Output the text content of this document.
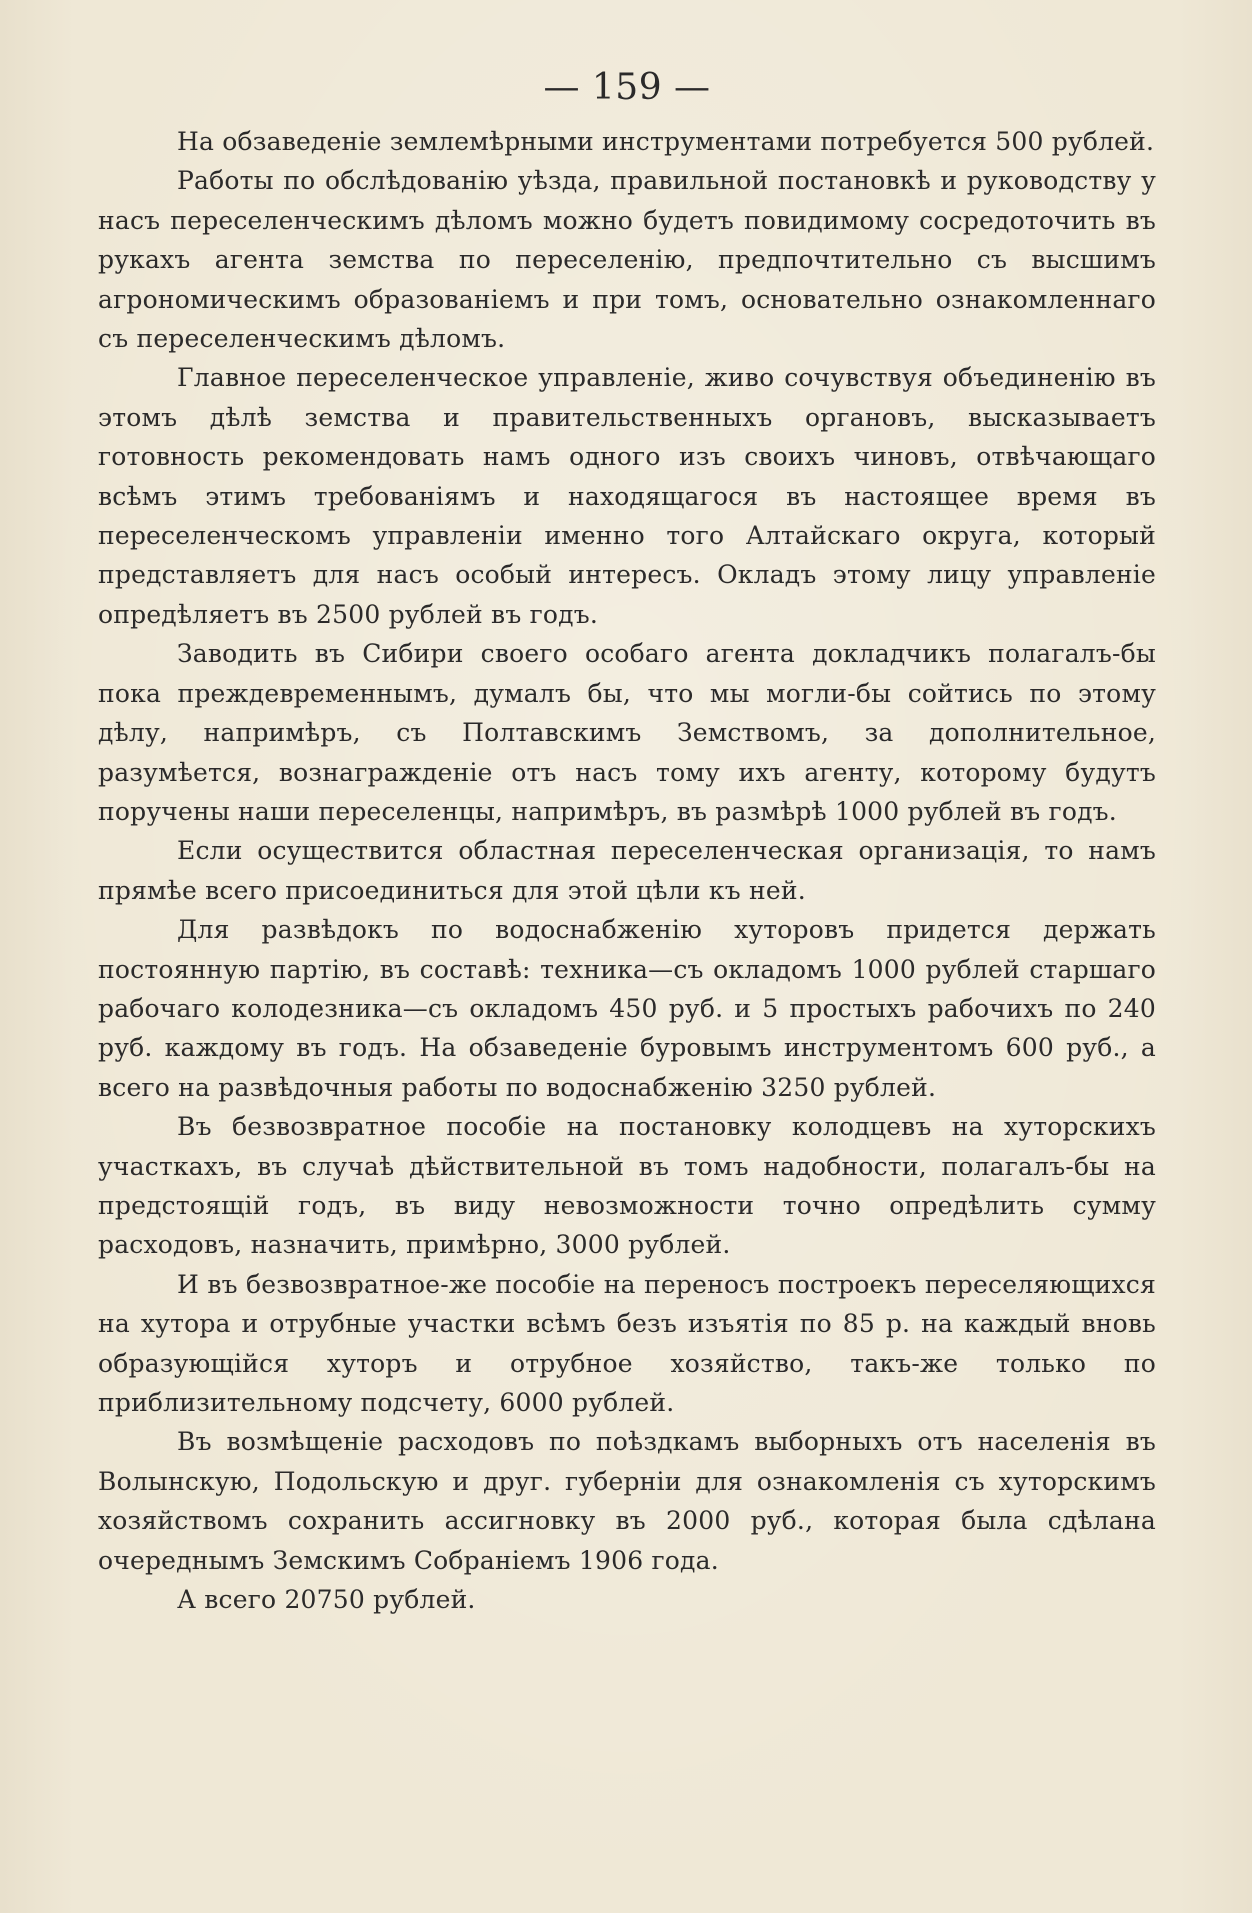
— 159 —

На обзаведеніе землемѣрными инструментами потребуется 500 рублей.

Работы по обслѣдованію уѣзда, правильной постановкѣ и руководству у насъ переселенческимъ дѣломъ можно будетъ повидимому сосредоточить въ рукахъ агента земства по переселенію, предпочтительно съ высшимъ агрономическимъ образованіемъ и при томъ, основательно ознакомленнаго съ переселенческимъ дѣломъ.

Главное переселенческое управленіе, живо сочувствуя объединенію въ этомъ дѣлѣ земства и правительственныхъ органовъ, высказываетъ готовность рекомендовать намъ одного изъ своихъ чиновъ, отвѣчающаго всѣмъ этимъ требованіямъ и находящагося въ настоящее время въ переселенческомъ управленіи именно того Алтайскаго округа, который представляетъ для насъ особый интересъ. Окладъ этому лицу управленіе опредѣляетъ въ 2500 рублей въ годъ.

Заводить въ Сибири своего особаго агента докладчикъ полагалъ-бы пока преждевременнымъ, думалъ бы, что мы могли-бы сойтись по этому дѣлу, напримѣръ, съ Полтавскимъ Земствомъ, за дополнительное, разумѣется, вознагражденіе отъ насъ тому ихъ агенту, которому будутъ поручены наши переселенцы, напримѣръ, въ размѣрѣ 1000 рублей въ годъ.

Если осуществится областная переселенческая организація, то намъ прямѣе всего присоединиться для этой цѣли къ ней.

Для развѣдокъ по водоснабженію хуторовъ придется держать постоянную партію, въ составѣ: техника—съ окладомъ 1000 рублей старшаго рабочаго колодезника—съ окладомъ 450 руб. и 5 простыхъ рабочихъ по 240 руб. каждому въ годъ. На обзаведеніе буровымъ инструментомъ 600 руб., а всего на развѣдочныя работы по водоснабженію 3250 рублей.

Въ безвозвратное пособіе на постановку колодцевъ на хуторскихъ участкахъ, въ случаѣ дѣйствительной въ томъ надобности, полагалъ-бы на предстоящій годъ, въ виду невозможности точно опредѣлить сумму расходовъ, назначить, примѣрно, 3000 рублей.

И въ безвозвратное-же пособіе на переносъ построекъ переселяющихся на хутора и отрубные участки всѣмъ безъ изъятія по 85 р. на каждый вновь образующійся хуторъ и отрубное хозяйство, такъ-же только по приблизительному подсчету, 6000 рублей.

Въ возмѣщеніе расходовъ по поѣздкамъ выборныхъ отъ населенія въ Волынскую, Подольскую и друг. губерніи для ознакомленія съ хуторскимъ хозяйствомъ сохранить ассигновку въ 2000 руб., которая была сдѣлана очереднымъ Земскимъ Собраніемъ 1906 года.

А всего 20750 рублей.
